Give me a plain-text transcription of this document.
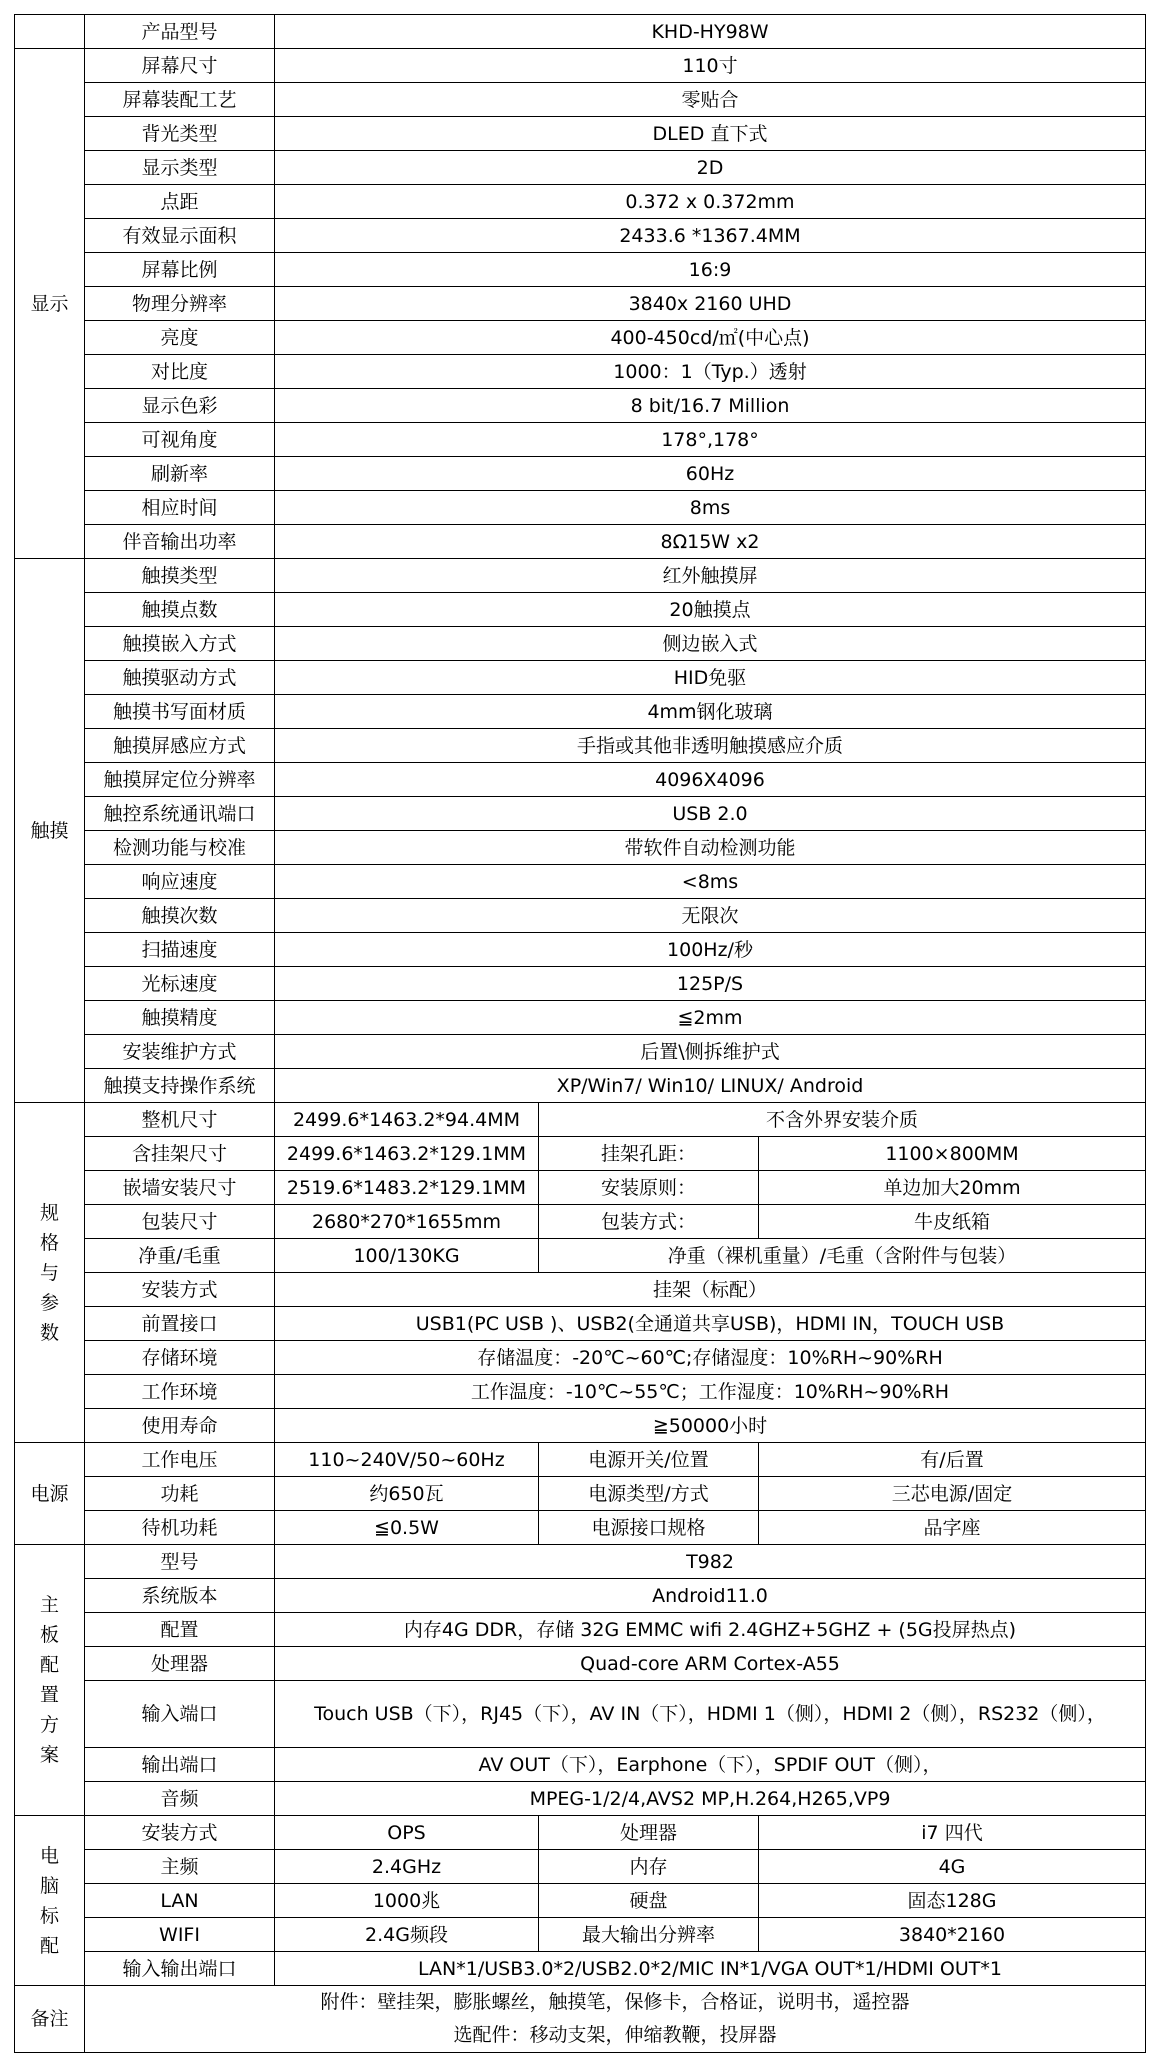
	产品型号	KHD-HY98W		
显示	屏幕尺寸	110寸		
	屏幕装配工艺	零贴合		
	背光类型	DLED 直下式		
	显示类型	2D		
	点距	0.372 x 0.372mm		
	有效显示面积	2433.6 *1367.4MM		
	屏幕比例	16:9		
	物理分辨率	3840x 2160 UHD		
	亮度	400-450cd/㎡(中心点)		
	对比度	1000：1（Typ.）透射		
	显示色彩	8 bit/16.7 Million		
	可视角度	178°,178°		
	刷新率	60Hz		
	相应时间	8ms		
	伴音输出功率	8Ω15W x2		
触摸	触摸类型	红外触摸屏		
	触摸点数	20触摸点		
	触摸嵌入方式	侧边嵌入式		
	触摸驱动方式	HID免驱		
	触摸书写面材质	4mm钢化玻璃		
	触摸屏感应方式	手指或其他非透明触摸感应介质		
	触摸屏定位分辨率	4096X4096		
	触控系统通讯端口	USB 2.0		
	检测功能与校准	带软件自动检测功能		
	响应速度	<8ms		
	触摸次数	无限次		
	扫描速度	100Hz/秒		
	光标速度	125P/S		
	触摸精度	≦2mm		
	安装维护方式	后置\侧拆维护式		
	触摸支持操作系统	XP/Win7/ Win10/ LINUX/ Android		
规格与参数	整机尺寸	2499.6*1463.2*94.4MM	不含外界安装介质	
	含挂架尺寸	2499.6*1463.2*129.1MM	挂架孔距：	1100×800MM
	嵌墙安装尺寸	2519.6*1483.2*129.1MM	安装原则：	单边加大20mm
	包装尺寸	2680*270*1655mm	包装方式：	牛皮纸箱
	净重/毛重	100/130KG	净重（裸机重量）/毛重（含附件与包装）	
	安装方式	挂架（标配）		
	前置接口	USB1(PC USB )、USB2(全通道共享USB)，HDMI IN，TOUCH USB		
	存储环境	存储温度：-20℃~60℃;存储湿度：10%RH~90%RH		
	工作环境	工作温度：-10℃~55℃；工作湿度：10%RH~90%RH		
	使用寿命	≧50000小时		
电源	工作电压	110~240V/50~60Hz	电源开关/位置	有/后置
	功耗	约650瓦	电源类型/方式	三芯电源/固定
	待机功耗	≦0.5W	电源接口规格	品字座
主板配置方案	型号	T982		
	系统版本	Android11.0		
	配置	内存4G DDR，存储 32G EMMC wifi 2.4GHZ+5GHZ + (5G投屏热点)		
	处理器	Quad-core ARM Cortex-A55		
	输入端口	Touch USB（下），RJ45（下），AV IN（下），HDMI 1（侧），HDMI 2（侧），RS232（侧），		
	输出端口	AV OUT（下），Earphone（下），SPDIF OUT（侧），		
	音频	MPEG-1/2/4,AVS2 MP,H.264,H265,VP9		
电脑标配	安装方式	OPS	处理器	i7 四代
	主频	2.4GHz	内存	4G
	LAN	1000兆	硬盘	固态128G
	WIFI	2.4G频段	最大输出分辨率	3840*2160
	输入输出端口	LAN*1/USB3.0*2/USB2.0*2/MIC IN*1/VGA OUT*1/HDMI OUT*1		
备注	附件：壁挂架，膨胀螺丝，触摸笔，保修卡，合格证，说明书，遥控器
选配件：移动支架，伸缩教鞭，投屏器			
